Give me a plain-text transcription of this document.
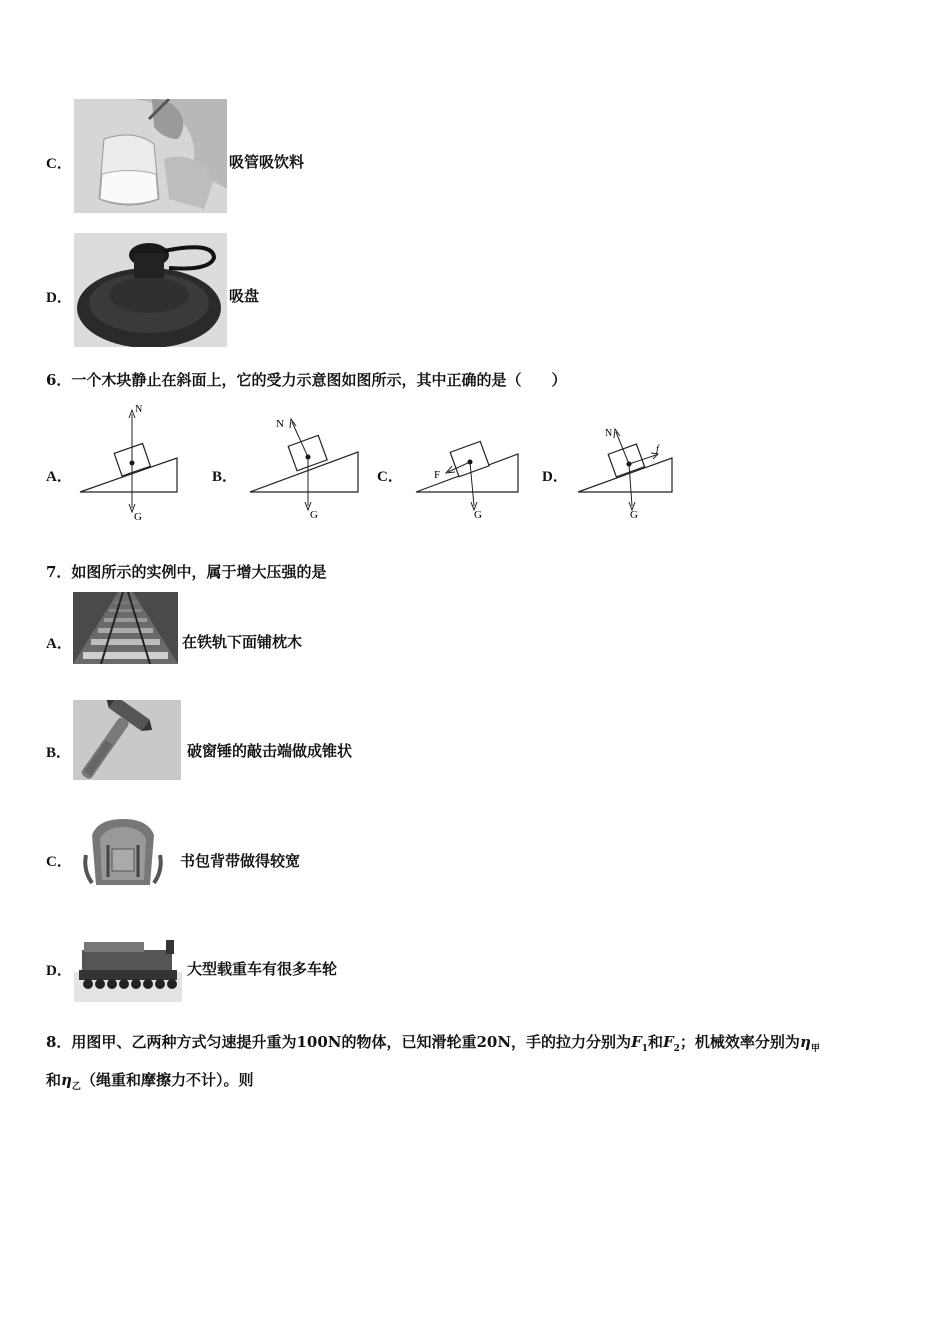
C．	吸管吸饮料
D．	吸盘
6．一个木块静止在斜面上，它的受力示意图如图所示，其中正确的是（　　）
A．
N
G
B．
N
G
C．	F
G
D．
N
f
G
7．如图所示的实例中，属于增大压强的是
A．	在铁轨下面铺枕木
B．	破窗锤的敲击端做成锥状
C．	书包背带做得较宽
D．	大型载重车有很多车轮
8．用图甲、乙两种方式匀速提升重为100N的物体，已知滑轮重20N，手的拉力分别为$F_1$和$F_2$；机械效率分别为$\eta_甲$
和$\eta_乙$（绳重和摩擦力不计）。则
